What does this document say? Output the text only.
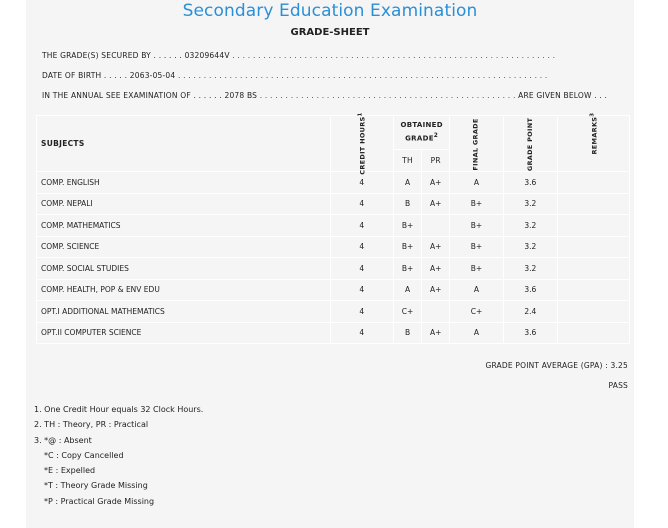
Secondary Education Examination
GRADE-SHEET
THE GRADE(S) SECURED BY . . . . . . 03209644V . . . . . . . . . . . . . . . . . . . . . . . . . . . . . . . . . . . . . . . . . . . . . . . . . . . . . . . . . . . . . . .
DATE OF BIRTH . . . . . 2063-05-04 . . . . . . . . . . . . . . . . . . . . . . . . . . . . . . . . . . . . . . . . . . . . . . . . . . . . . . . . . . . . . . . . . . . . . . . .
IN THE ANNUAL SEE EXAMINATION OF . . . . . . 2078 BS . . . . . . . . . . . . . . . . . . . . . . . . . . . . . . . . . . . . . . . . . . . . . . . . . . ARE GIVEN BELOW . . .
SUBJECTS	CREDIT HOURS$^1$	OBTAINED GRADE$^2$		FINAL GRADE	GRADE POINT	REMARKS$^3$
		TH	PR			
COMP. ENGLISH	4	A	A+	A	3.6	
COMP. NEPALI	4	B	A+	B+	3.2	
COMP. MATHEMATICS	4	B+		B+	3.2	
COMP. SCIENCE	4	B+	A+	B+	3.2	
COMP. SOCIAL STUDIES	4	B+	A+	B+	3.2	
COMP. HEALTH, POP & ENV EDU	4	A	A+	A	3.6	
OPT.I ADDITIONAL MATHEMATICS	4	C+		C+	2.4	
OPT.II COMPUTER SCIENCE	4	B	A+	A	3.6	
GRADE POINT AVERAGE (GPA) : 3.25
PASS
1. One Credit Hour equals 32 Clock Hours.
2. TH : Theory, PR : Practical
3. *@ : Absent
*C : Copy Cancelled
*E : Expelled
*T : Theory Grade Missing
*P : Practical Grade Missing
